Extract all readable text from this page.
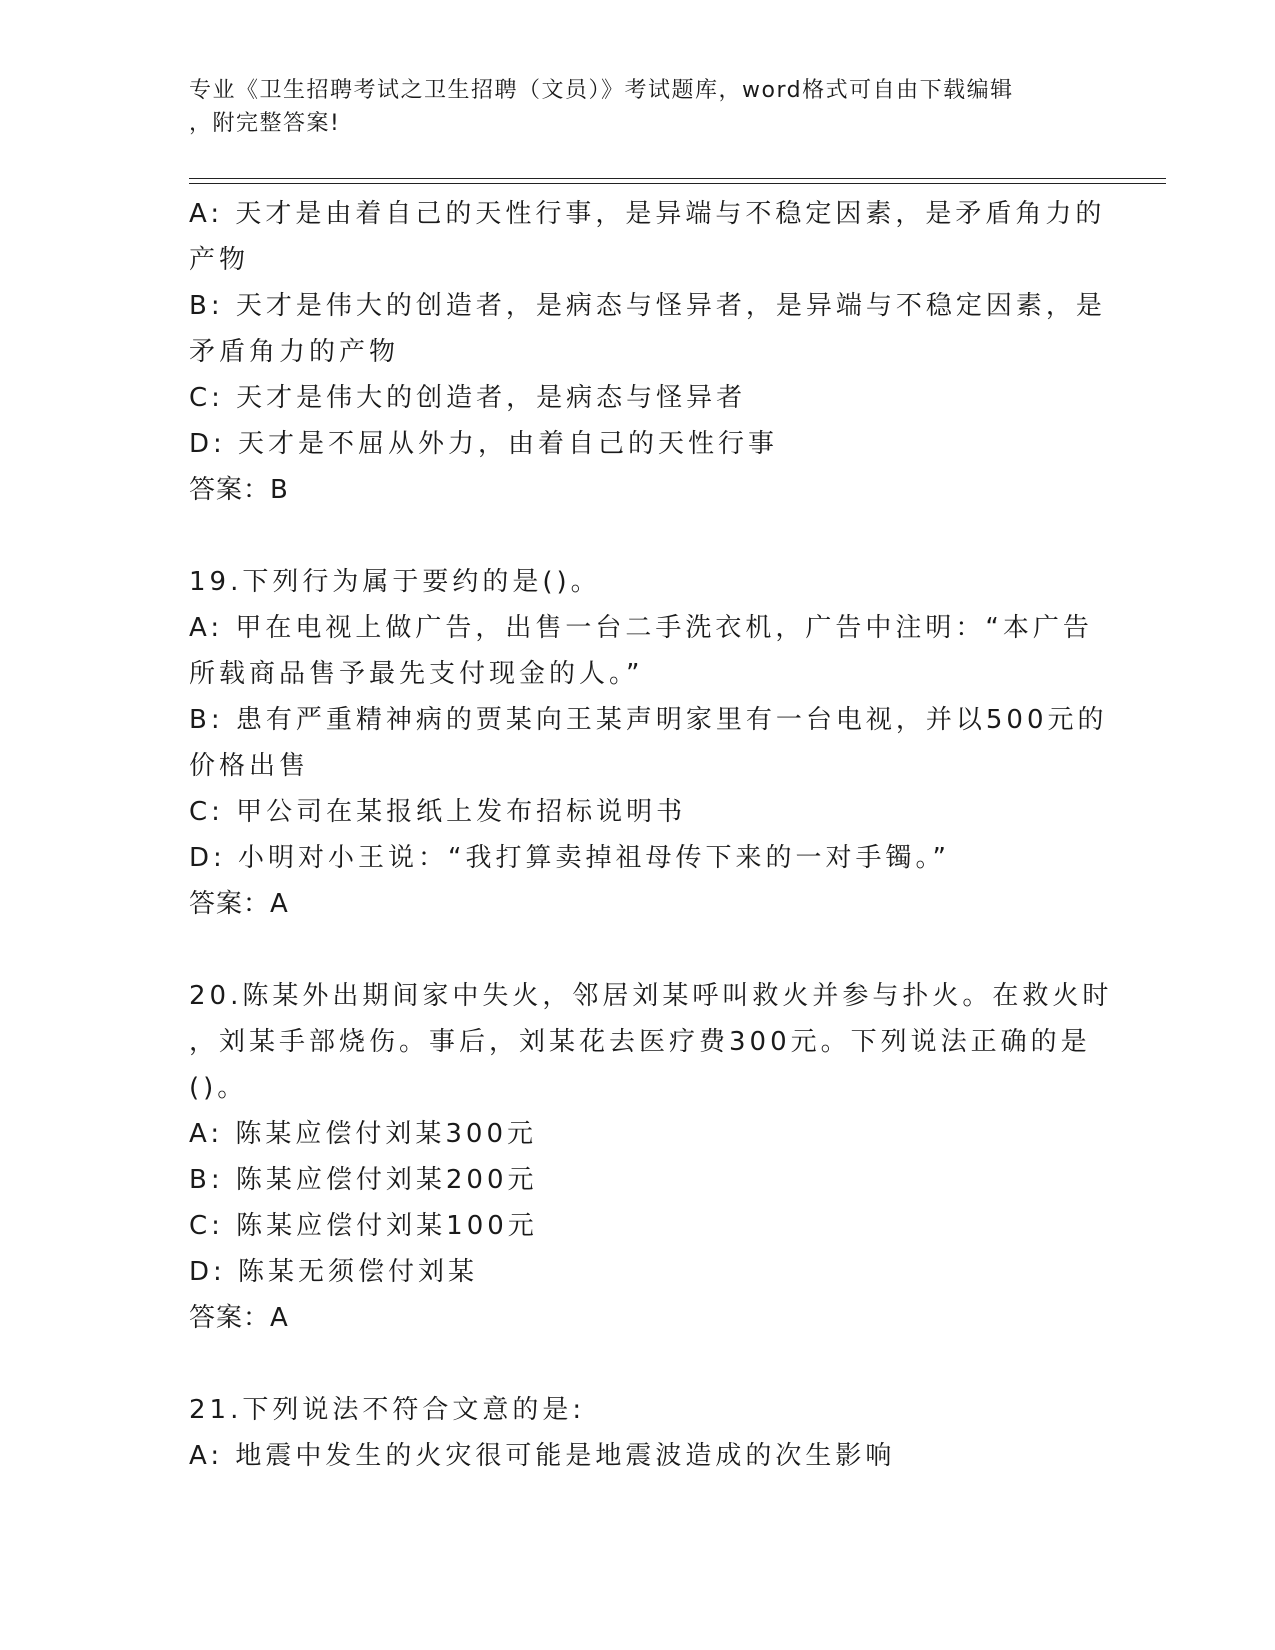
专业《卫生招聘考试之卫生招聘（文员）》考试题库，word格式可自由下载编辑
，附完整答案!
A: 天才是由着自己的天性行事，是异端与不稳定因素，是矛盾角力的
产物
B: 天才是伟大的创造者，是病态与怪异者，是异端与不稳定因素，是
矛盾角力的产物
C: 天才是伟大的创造者，是病态与怪异者
D: 天才是不屈从外力，由着自己的天性行事
答案：B
19.下列行为属于要约的是()。
A: 甲在电视上做广告，出售一台二手洗衣机，广告中注明：“本广告
所载商品售予最先支付现金的人。”
B: 患有严重精神病的贾某向王某声明家里有一台电视，并以500元的
价格出售
C: 甲公司在某报纸上发布招标说明书
D: 小明对小王说：“我打算卖掉祖母传下来的一对手镯。”
答案：A
20.陈某外出期间家中失火，邻居刘某呼叫救火并参与扑火。在救火时
，刘某手部烧伤。事后，刘某花去医疗费300元。下列说法正确的是
()。
A: 陈某应偿付刘某300元
B: 陈某应偿付刘某200元
C: 陈某应偿付刘某100元
D: 陈某无须偿付刘某
答案：A
21.下列说法不符合文意的是:
A: 地震中发生的火灾很可能是地震波造成的次生影响
